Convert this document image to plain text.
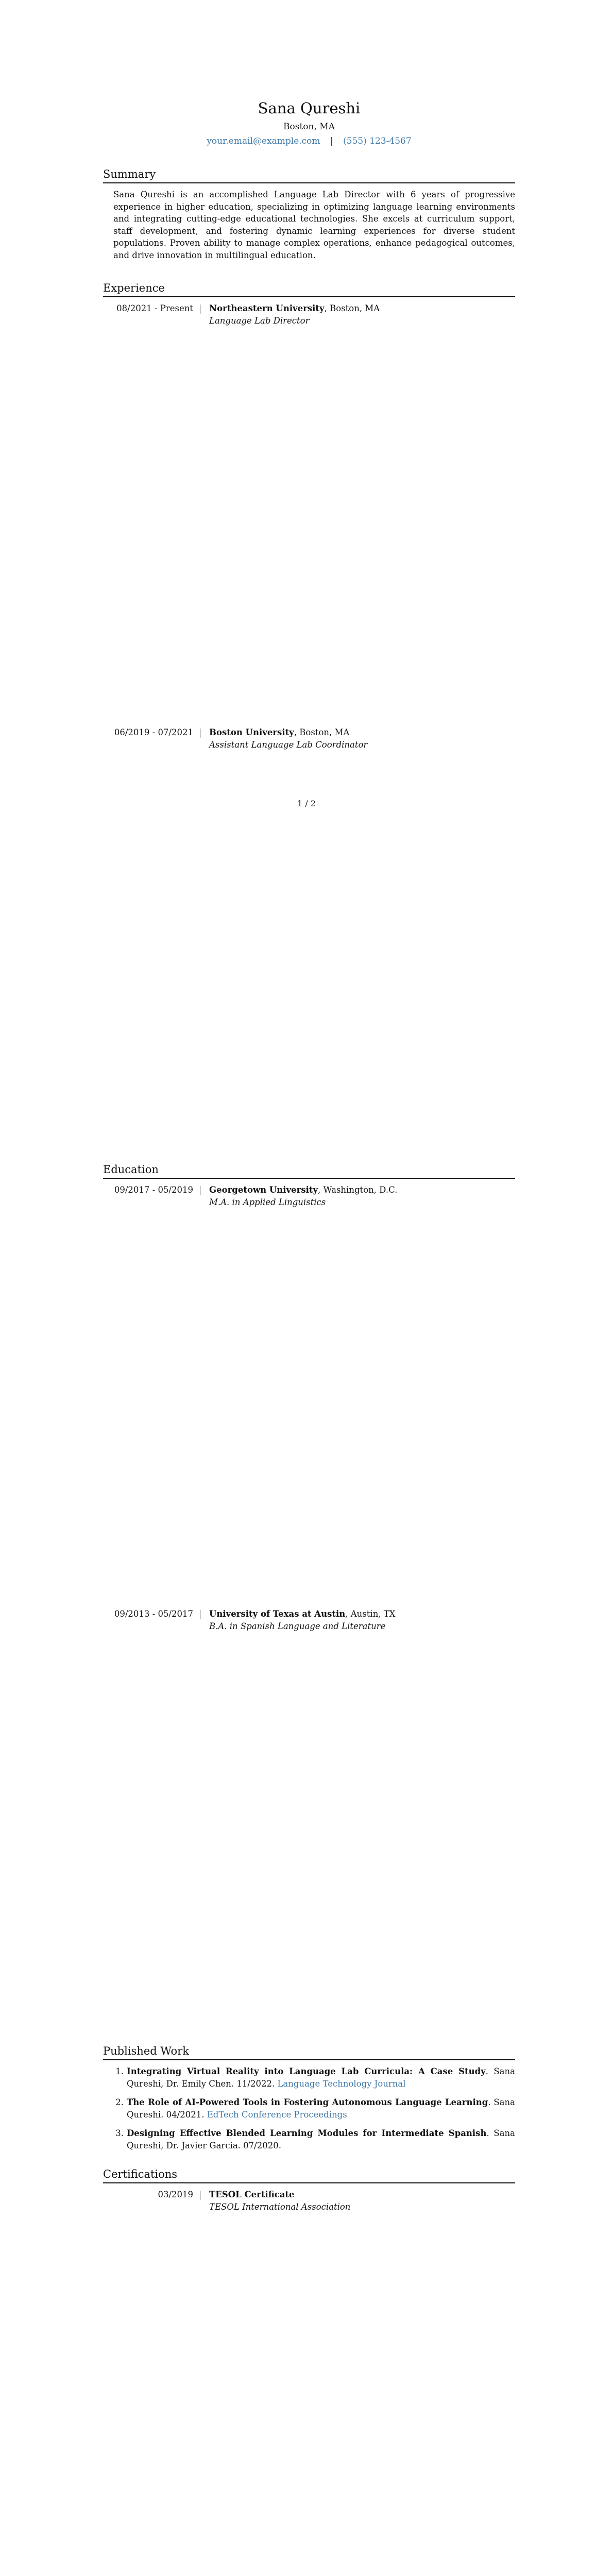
Sana Qureshi
Boston, MA
your.email@example.com | (555) 123-4567
Summary
Sana Qureshi is an accomplished Language Lab Director with 6 years of progressive experience in higher education, specializing in optimizing language learning environments and integrating cutting-edge educational technologies. She excels at curriculum support, staff development, and fostering dynamic learning experiences for diverse student populations. Proven ability to manage complex operations, enhance pedagogical outcomes, and drive innovation in multilingual education.
Experience
08/2021 - Present	Northeastern University, Boston, MA
Language Lab Director
06/2019 - 07/2021	Boston University, Boston, MA
Assistant Language Lab Coordinator
Education
09/2017 - 05/2019	Georgetown University, Washington, D.C.
M.A. in Applied Linguistics
09/2013 - 05/2017	University of Texas at Austin, Austin, TX
B.A. in Spanish Language and Literature
Published Work
1. Integrating Virtual Reality into Language Lab Curricula: A Case Study. Sana Qureshi, Dr. Emily Chen. 11/2022. Language Technology Journal
2. The Role of AI-Powered Tools in Fostering Autonomous Language Learning. Sana Qureshi. 04/2021. EdTech Conference Proceedings
3. Designing Effective Blended Learning Modules for Intermediate Spanish. Sana Qureshi, Dr. Javier Garcia. 07/2020.
Certifications
03/2019	TESOL Certificate
TESOL International Association
1 / 2
